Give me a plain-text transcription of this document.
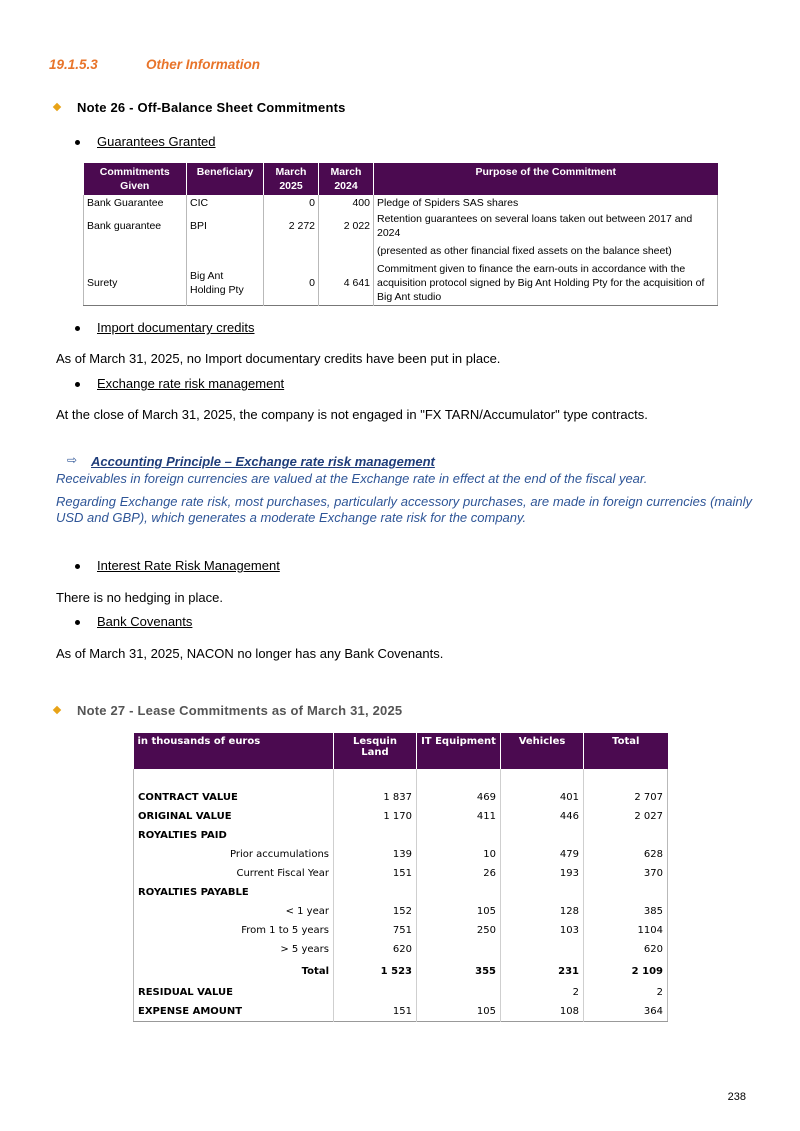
19.1.5.3	Other Information
Note 26 - Off-Balance Sheet Commitments
Guarantees Granted
Commitments Given	Beneficiary	March 2025	March 2024	Purpose of the Commitment
Bank Guarantee	CIC	0	400	Pledge of Spiders SAS shares
Bank guarantee	BPI	2 272	2 022	Retention guarantees on several loans taken out between 2017 and 2024
				(presented as other financial fixed assets on the balance sheet)
Surety	Big Ant Holding Pty	0	4 641	Commitment given to finance the earn-outs in accordance with the acquisition protocol signed by Big Ant Holding Pty for the acquisition of Big Ant studio
Import documentary credits
As of March 31, 2025, no Import documentary credits have been put in place.
Exchange rate risk management
At the close of March 31, 2025, the company is not engaged in "FX TARN/Accumulator" type contracts.
⇨ Accounting Principle – Exchange rate risk management
Receivables in foreign currencies are valued at the Exchange rate in effect at the end of the fiscal year.
Regarding Exchange rate risk, most purchases, particularly accessory purchases, are made in foreign currencies (mainly USD and GBP), which generates a moderate Exchange rate risk for the company.
Interest Rate Risk Management
There is no hedging in place.
Bank Covenants
As of March 31, 2025, NACON no longer has any Bank Covenants.
Note 27 - Lease Commitments as of March 31, 2025
in thousands of euros	Lesquin Land	IT Equipment	Vehicles	Total

CONTRACT VALUE	1 837	469	401	2 707
ORIGINAL VALUE	1 170	411	446	2 027
ROYALTIES PAID				
Prior accumulations	139	10	479	628
Current Fiscal Year	151	26	193	370
ROYALTIES PAYABLE				
< 1 year	152	105	128	385
From 1 to 5 years	751	250	103	1104
> 5 years	620			620
Total	1 523	355	231	2 109
RESIDUAL VALUE			2	2
EXPENSE AMOUNT	151	105	108	364
238
